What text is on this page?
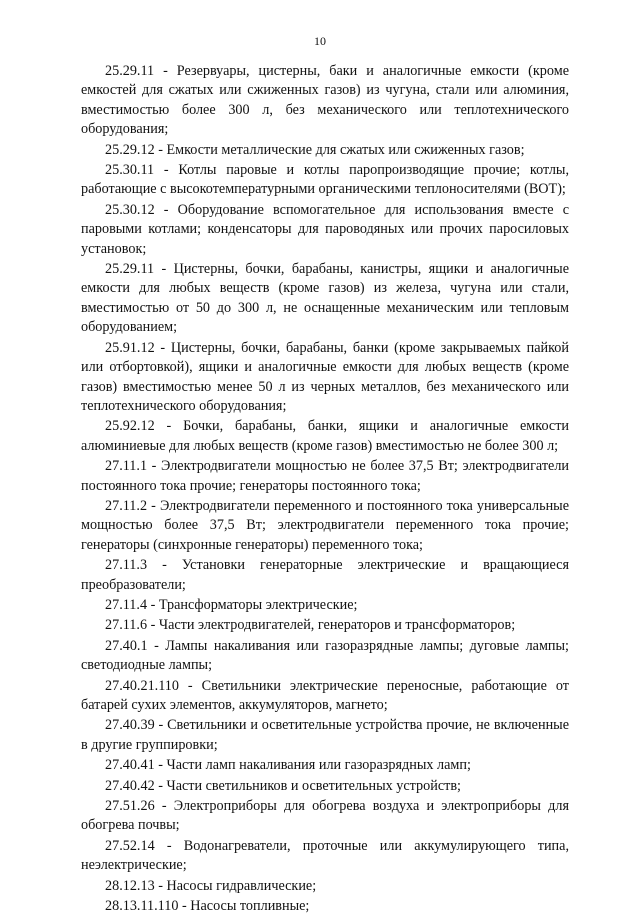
10

25.29.11 - Резервуары, цистерны, баки и аналогичные емкости (кроме емкостей для сжатых или сжиженных газов) из чугуна, стали или алюминия, вместимостью более 300 л, без механического или теплотехнического оборудования;

25.29.12 - Емкости металлические для сжатых или сжиженных газов;

25.30.11 - Котлы паровые и котлы паропроизводящие прочие; котлы, работающие с высокотемпературными органическими теплоносителями (ВОТ);

25.30.12 - Оборудование вспомогательное для использования вместе с паровыми котлами; конденсаторы для пароводяных или прочих паросиловых установок;

25.29.11 - Цистерны, бочки, барабаны, канистры, ящики и аналогичные емкости для любых веществ (кроме газов) из железа, чугуна или стали, вместимостью от 50 до 300 л, не оснащенные механическим или тепловым оборудованием;

25.91.12 - Цистерны, бочки, барабаны, банки (кроме закрываемых пайкой или отбортовкой), ящики и аналогичные емкости для любых веществ (кроме газов) вместимостью менее 50 л из черных металлов, без механического или теплотехнического оборудования;

25.92.12 - Бочки, барабаны, банки, ящики и аналогичные емкости алюминиевые для любых веществ (кроме газов) вместимостью не более 300 л;

27.11.1 - Электродвигатели мощностью не более 37,5 Вт; электродвигатели постоянного тока прочие; генераторы постоянного тока;

27.11.2 - Электродвигатели переменного и постоянного тока универсальные мощностью более 37,5 Вт; электродвигатели переменного тока прочие; генераторы (синхронные генераторы) переменного тока;

27.11.3 - Установки генераторные электрические и вращающиеся преобразователи;

27.11.4 - Трансформаторы электрические;

27.11.6 - Части электродвигателей, генераторов и трансформаторов;

27.40.1 - Лампы накаливания или газоразрядные лампы; дуговые лампы; светодиодные лампы;

27.40.21.110 - Светильники электрические переносные, работающие от батарей сухих элементов, аккумуляторов, магнето;

27.40.39 - Светильники и осветительные устройства прочие, не включенные в другие группировки;

27.40.41 - Части ламп накаливания или газоразрядных ламп;

27.40.42 - Части светильников и осветительных устройств;

27.51.26 - Электроприборы для обогрева воздуха и электроприборы для обогрева почвы;

27.52.14 - Водонагреватели, проточные или аккумулирующего типа, неэлектрические;

28.12.13 - Насосы гидравлические;

28.13.11.110 - Насосы топливные;
